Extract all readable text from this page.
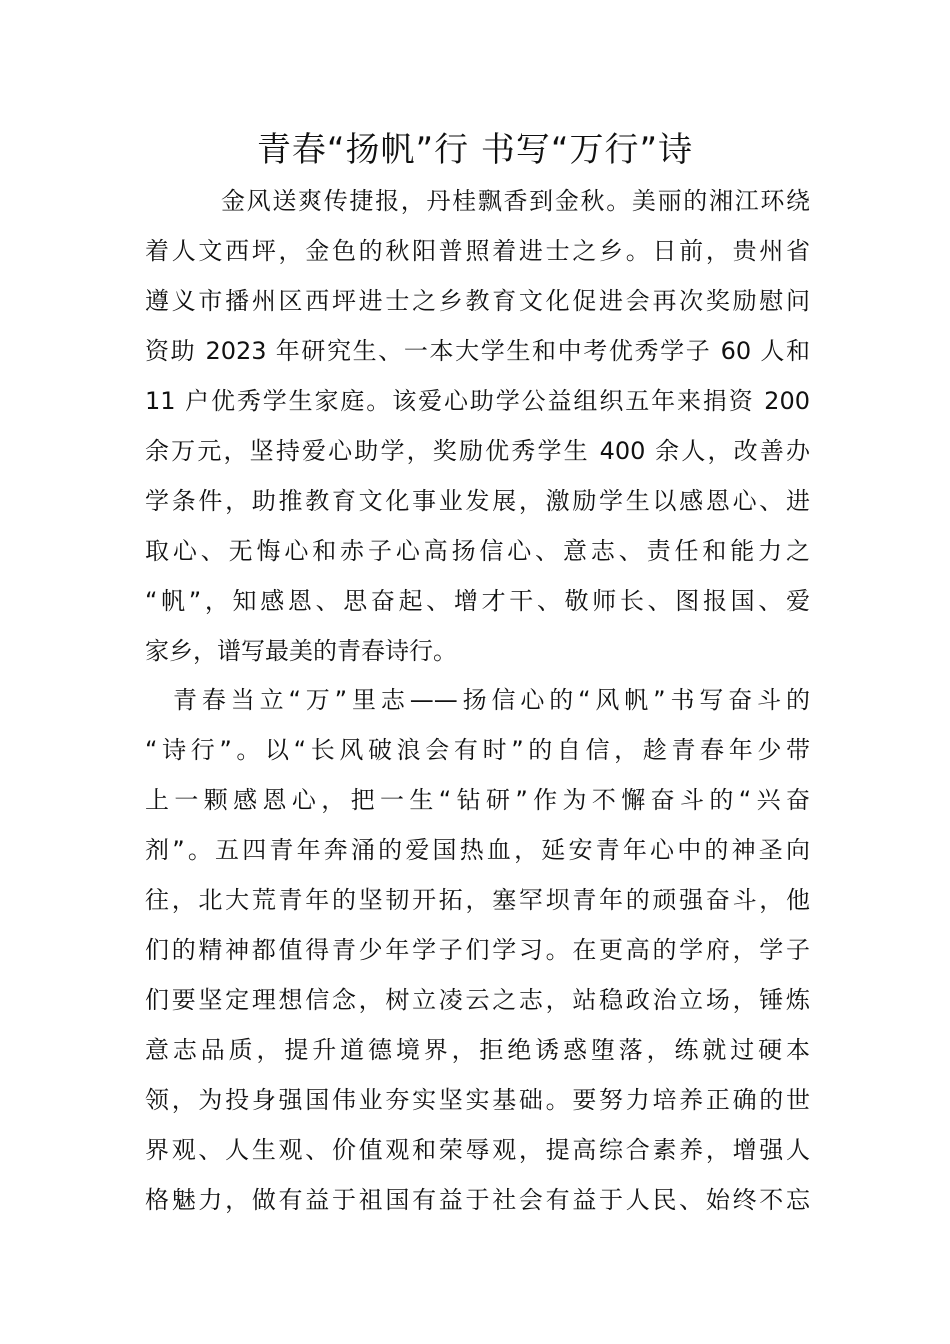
青春“扬帆”行 书写“万行”诗
金风送爽传捷报，丹桂飘香到金秋。美丽的湘江环绕
着人文西坪，金色的秋阳普照着进士之乡。日前，贵州省
遵义市播州区西坪进士之乡教育文化促进会再次奖励慰问
资助 2023 年研究生、一本大学生和中考优秀学子 60 人和
11 户优秀学生家庭。该爱心助学公益组织五年来捐资 200
余万元，坚持爱心助学，奖励优秀学生 400 余人，改善办
学条件，助推教育文化事业发展，激励学生以感恩心、进
取心、无悔心和赤子心高扬信心、意志、责任和能力之
“帆”，知感恩、思奋起、增才干、敬师长、图报国、爱
家乡，谱写最美的青春诗行。
青春当立“万”里志——扬信心的“风帆”书写奋斗的
“诗行”。以“长风破浪会有时”的自信，趁青春年少带
上一颗感恩心，把一生“钻研”作为不懈奋斗的“兴奋
剂”。五四青年奔涌的爱国热血，延安青年心中的神圣向
往，北大荒青年的坚韧开拓，塞罕坝青年的顽强奋斗，他
们的精神都值得青少年学子们学习。在更高的学府，学子
们要坚定理想信念，树立凌云之志，站稳政治立场，锤炼
意志品质，提升道德境界，拒绝诱惑堕落，练就过硬本
领，为投身强国伟业夯实坚实基础。要努力培养正确的世
界观、人生观、价值观和荣辱观，提高综合素养，增强人
格魅力，做有益于祖国有益于社会有益于人民、始终不忘
